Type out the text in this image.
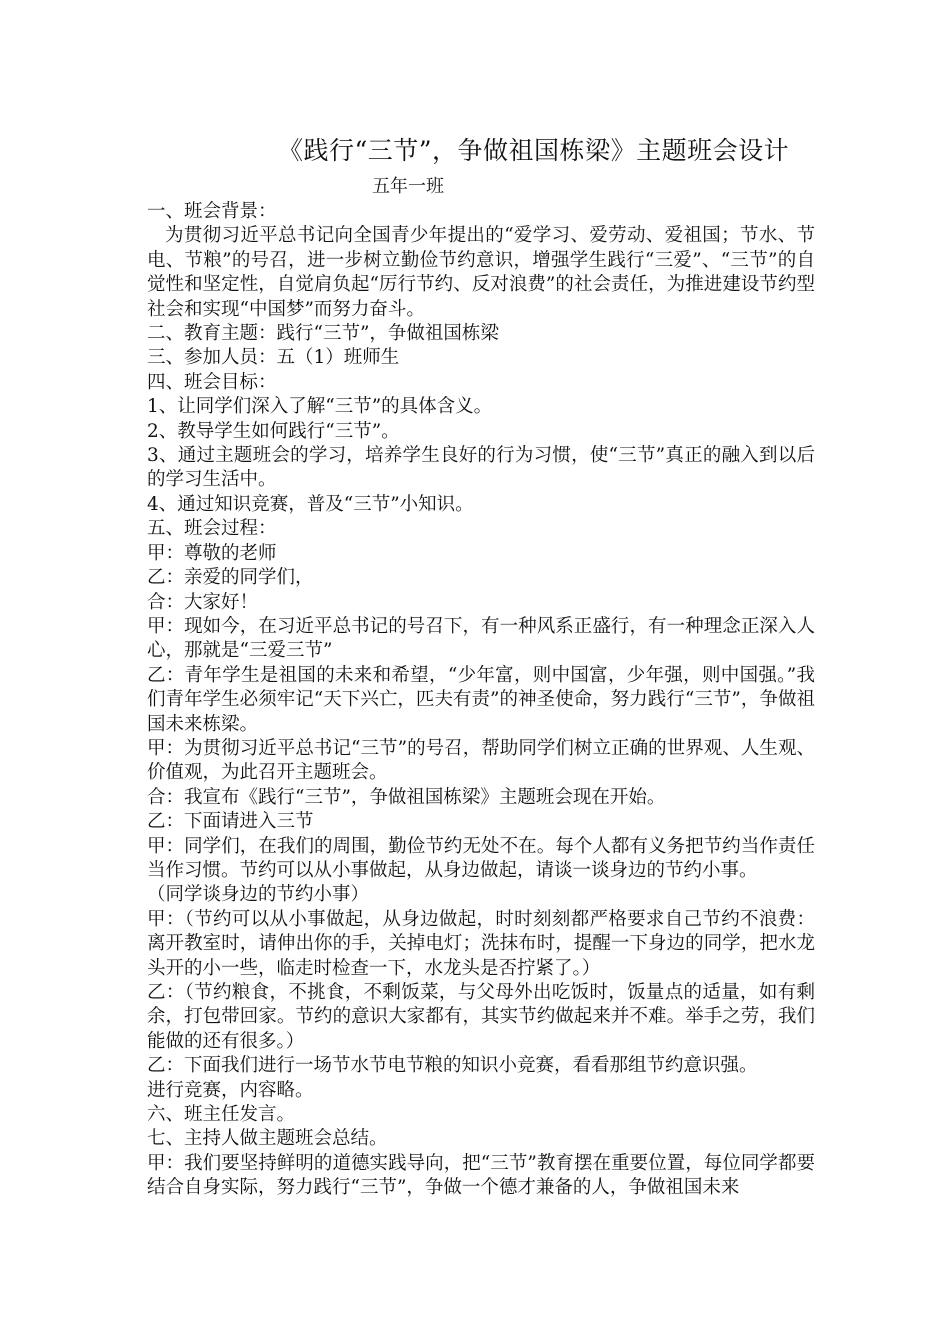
《践行“三节”，争做祖国栋梁》主题班会设计
五年一班

一、班会背景：

为贯彻习近平总书记向全国青少年提出的“爱学习、爱劳动、爱祖国；节水、节电、节粮”的号召，进一步树立勤俭节约意识，增强学生践行“三爱”、“三节”的自觉性和坚定性，自觉肩负起“厉行节约、反对浪费”的社会责任，为推进建设节约型社会和实现“中国梦”而努力奋斗。

二、教育主题：践行“三节”，争做祖国栋梁

三、参加人员：五（1）班师生

四、班会目标：

1、让同学们深入了解“三节”的具体含义。

2、教导学生如何践行“三节”。

3、通过主题班会的学习，培养学生良好的行为习惯，使“三节”真正的融入到以后的学习生活中。

4、通过知识竞赛，普及“三节”小知识。

五、班会过程：

甲：尊敬的老师

乙：亲爱的同学们，

合：大家好！

甲：现如今，在习近平总书记的号召下，有一种风系正盛行，有一种理念正深入人心，那就是“三爱三节”

乙：青年学生是祖国的未来和希望，“少年富，则中国富，少年强，则中国强。”我们青年学生必须牢记“天下兴亡，匹夫有责”的神圣使命，努力践行“三节”，争做祖国未来栋梁。

甲：为贯彻习近平总书记“三节”的号召，帮助同学们树立正确的世界观、人生观、价值观，为此召开主题班会。

合：我宣布《践行“三节”，争做祖国栋梁》主题班会现在开始。

乙：下面请进入三节

甲：同学们，在我们的周围，勤俭节约无处不在。每个人都有义务把节约当作责任当作习惯。节约可以从小事做起，从身边做起，请谈一谈身边的节约小事。

（同学谈身边的节约小事）

甲：（节约可以从小事做起，从身边做起，时时刻刻都严格要求自己节约不浪费：离开教室时，请伸出你的手，关掉电灯；洗抹布时，提醒一下身边的同学，把水龙头开的小一些，临走时检查一下，水龙头是否拧紧了。）

乙：（节约粮食，不挑食，不剩饭菜，与父母外出吃饭时，饭量点的适量，如有剩余，打包带回家。节约的意识大家都有，其实节约做起来并不难。举手之劳，我们能做的还有很多。）

乙：下面我们进行一场节水节电节粮的知识小竞赛，看看那组节约意识强。

进行竞赛，内容略。

六、班主任发言。

七、主持人做主题班会总结。

甲：我们要坚持鲜明的道德实践导向，把“三节”教育摆在重要位置，每位同学都要结合自身实际，努力践行“三节”，争做一个德才兼备的人，争做祖国未来
